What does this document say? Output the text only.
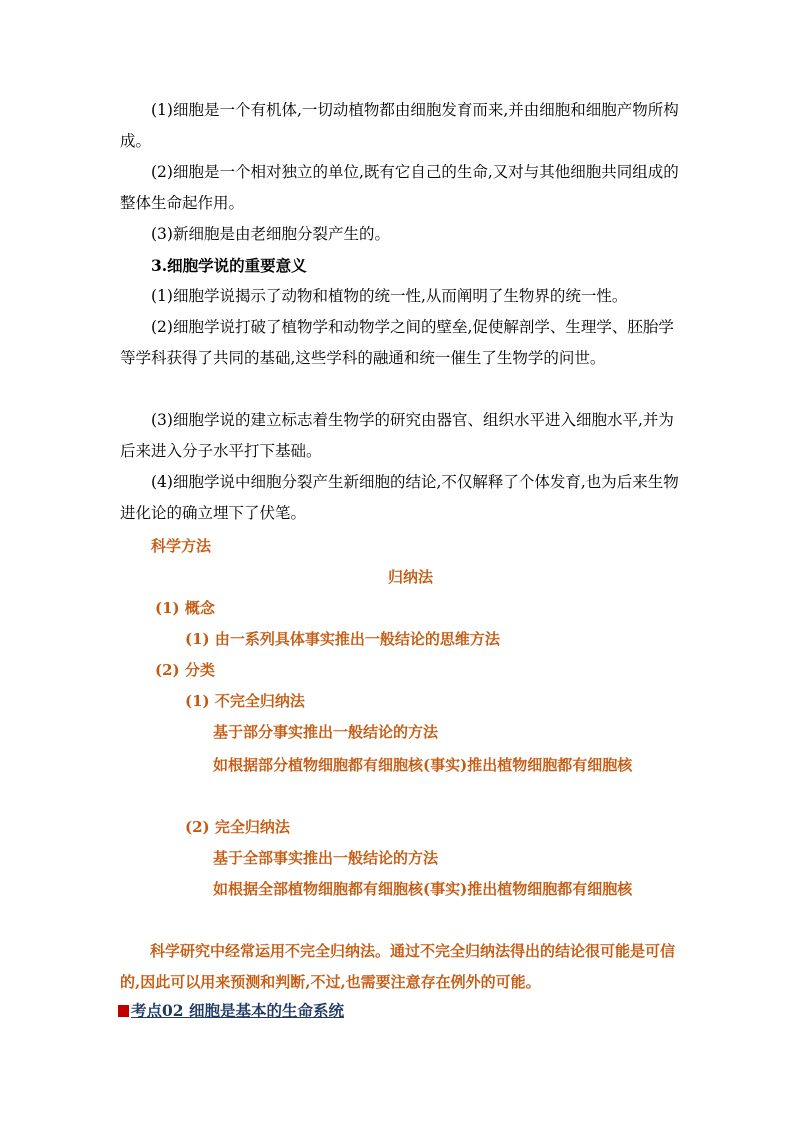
(1)细胞是一个有机体,一切动植物都由细胞发育而来,并由细胞和细胞产物所构成。

(2)细胞是一个相对独立的单位,既有它自己的生命,又对与其他细胞共同组成的整体生命起作用。

(3)新细胞是由老细胞分裂产生的。

3.细胞学说的重要意义

(1)细胞学说揭示了动物和植物的统一性,从而阐明了生物界的统一性。

(2)细胞学说打破了植物学和动物学之间的壁垒,促使解剖学、生理学、胚胎学等学科获得了共同的基础,这些学科的融通和统一催生了生物学的问世。

(3)细胞学说的建立标志着生物学的研究由器官、组织水平进入细胞水平,并为后来进入分子水平打下基础。

(4)细胞学说中细胞分裂产生新细胞的结论,不仅解释了个体发育,也为后来生物进化论的确立埋下了伏笔。

科学方法

归纳法

(1) 概念

(1) 由一系列具体事实推出一般结论的思维方法

(2) 分类

(1) 不完全归纳法

基于部分事实推出一般结论的方法

如根据部分植物细胞都有细胞核(事实)推出植物细胞都有细胞核

(2) 完全归纳法

基于全部事实推出一般结论的方法

如根据全部植物细胞都有细胞核(事实)推出植物细胞都有细胞核

科学研究中经常运用不完全归纳法。通过不完全归纳法得出的结论很可能是可信的,因此可以用来预测和判断,不过,也需要注意存在例外的可能。

考点02 细胞是基本的生命系统
